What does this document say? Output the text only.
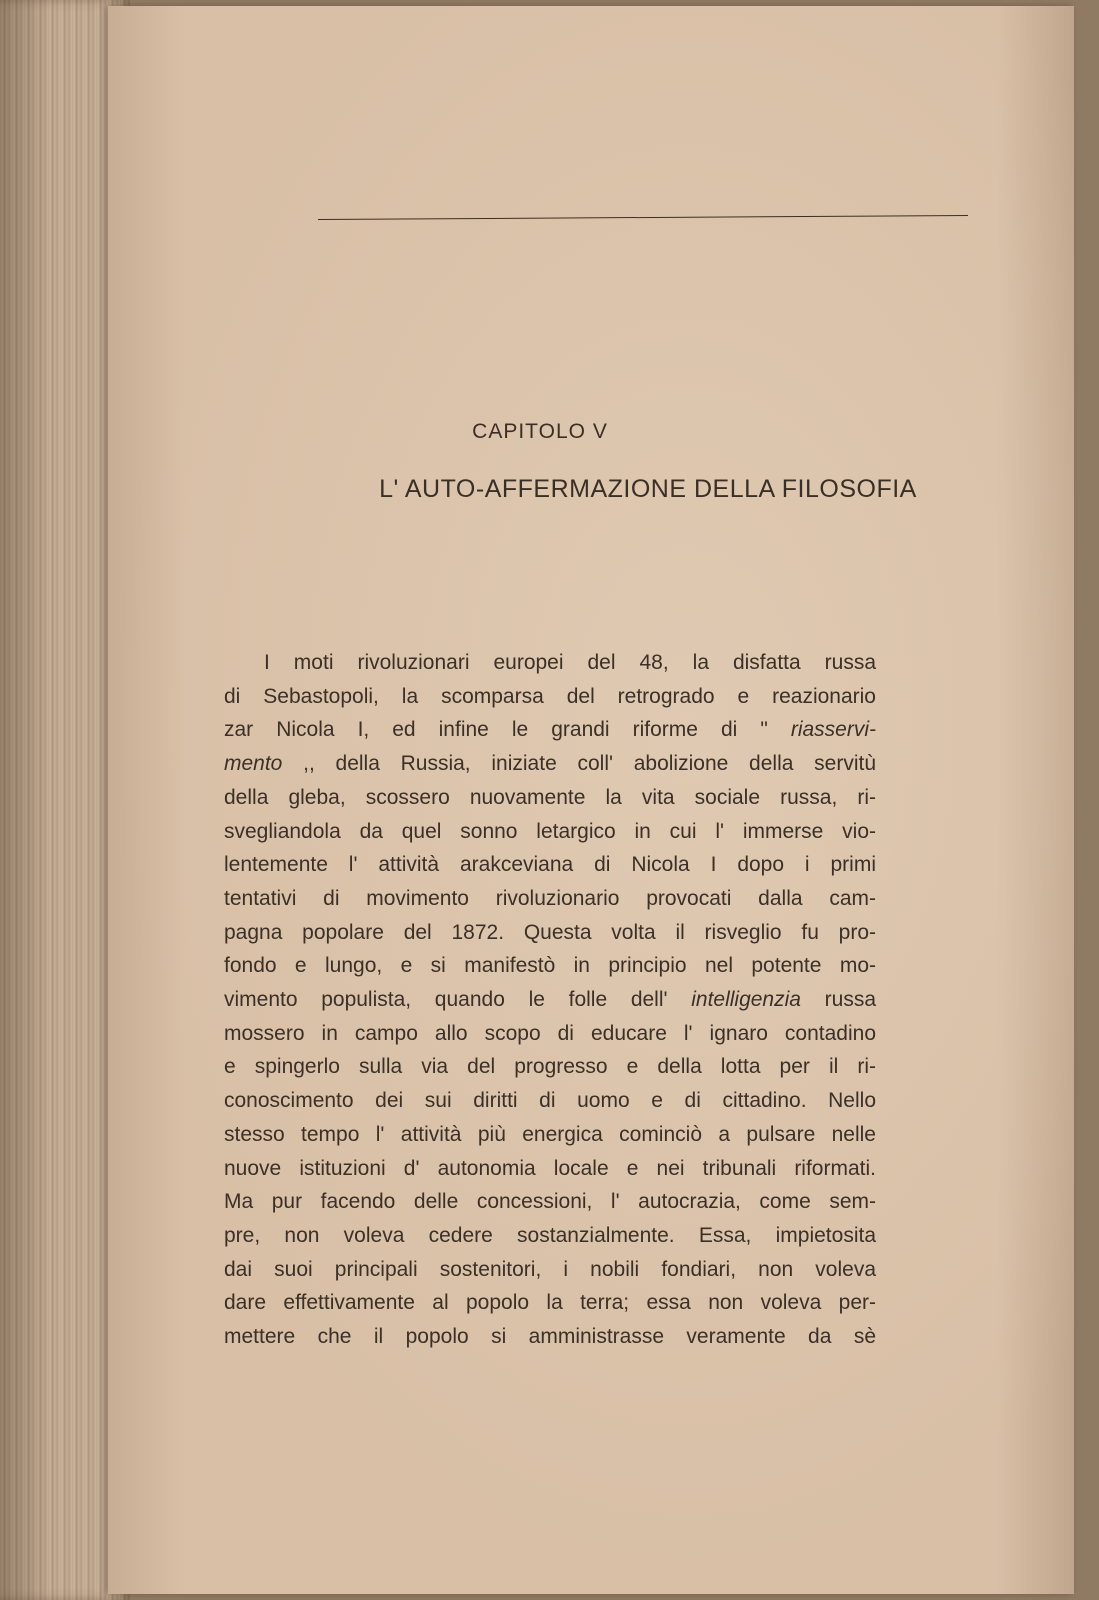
CAPITOLO V
L' AUTO-AFFERMAZIONE DELLA FILOSOFIA
I moti rivoluzionari europei del 48, la disfatta russa
di Sebastopoli, la scomparsa del retrogrado e reazionario
zar Nicola I, ed infine le grandi riforme di " riasservi-
mento ,, della Russia, iniziate coll' abolizione della servitù
della gleba, scossero nuovamente la vita sociale russa, ri-
svegliandola da quel sonno letargico in cui l' immerse vio-
lentemente l' attività arakceviana di Nicola I dopo i primi
tentativi di movimento rivoluzionario provocati dalla cam-
pagna popolare del 1872. Questa volta il risveglio fu pro-
fondo e lungo, e si manifestò in principio nel potente mo-
vimento populista, quando le folle dell' intelligenzia russa
mossero in campo allo scopo di educare l' ignaro contadino
e spingerlo sulla via del progresso e della lotta per il ri-
conoscimento dei sui diritti di uomo e di cittadino. Nello
stesso tempo l' attività più energica cominciò a pulsare nelle
nuove istituzioni d' autonomia locale e nei tribunali riformati.
Ma pur facendo delle concessioni, l' autocrazia, come sem-
pre, non voleva cedere sostanzialmente. Essa, impietosita
dai suoi principali sostenitori, i nobili fondiari, non voleva
dare effettivamente al popolo la terra; essa non voleva per-
mettere che il popolo si amministrasse veramente da sè
